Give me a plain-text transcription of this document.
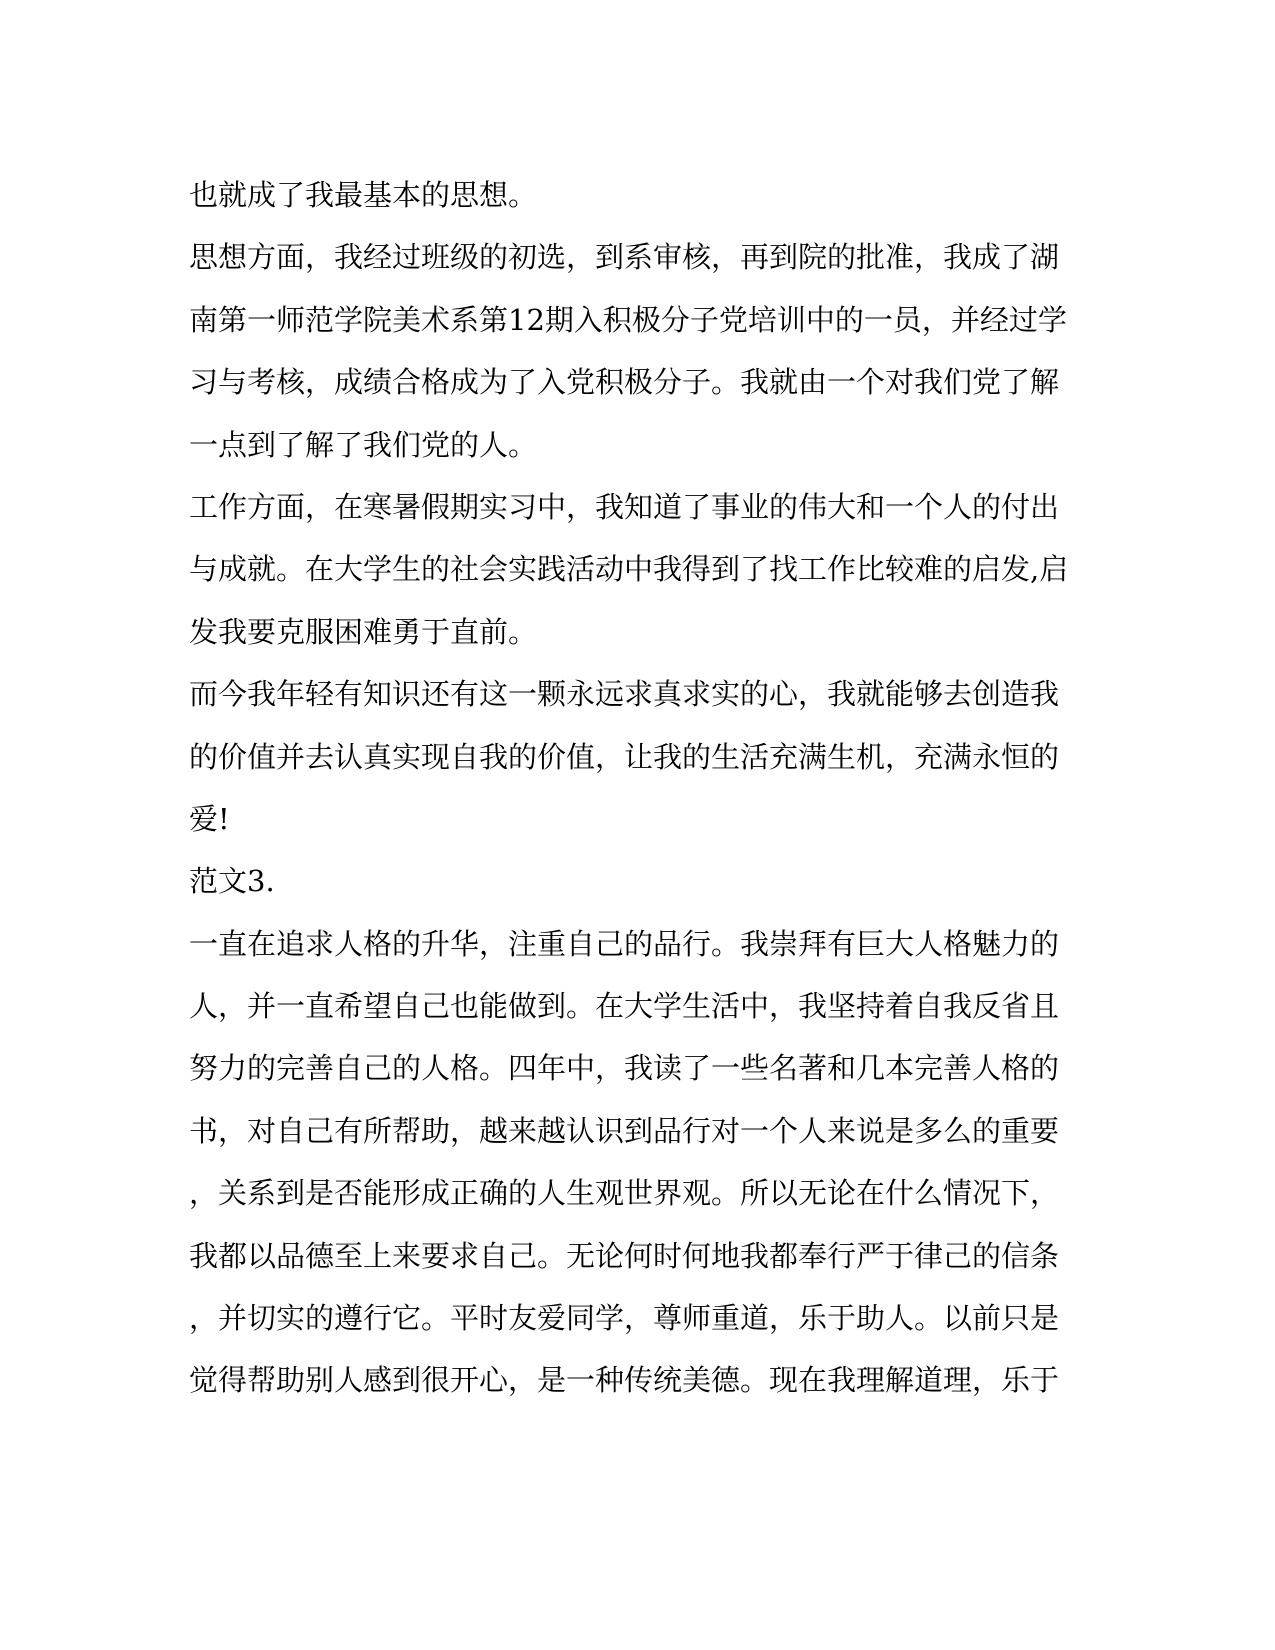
也就成了我最基本的思想。
思想方面，我经过班级的初选，到系审核，再到院的批准，我成了湖
南第一师范学院美术系第12期入积极分子党培训中的一员，并经过学
习与考核，成绩合格成为了入党积极分子。我就由一个对我们党了解
一点到了解了我们党的人。
工作方面，在寒暑假期实习中，我知道了事业的伟大和一个人的付出
与成就。在大学生的社会实践活动中我得到了找工作比较难的启发,启
发我要克服困难勇于直前。
而今我年轻有知识还有这一颗永远求真求实的心，我就能够去创造我
的价值并去认真实现自我的价值，让我的生活充满生机，充满永恒的
爱!
范文3.
一直在追求人格的升华，注重自己的品行。我崇拜有巨大人格魅力的
人，并一直希望自己也能做到。在大学生活中，我坚持着自我反省且
努力的完善自己的人格。四年中，我读了一些名著和几本完善人格的
书，对自己有所帮助，越来越认识到品行对一个人来说是多么的重要
，关系到是否能形成正确的人生观世界观。所以无论在什么情况下，
我都以品德至上来要求自己。无论何时何地我都奉行严于律己的信条
，并切实的遵行它。平时友爱同学，尊师重道，乐于助人。以前只是
觉得帮助别人感到很开心，是一种传统美德。现在我理解道理，乐于
